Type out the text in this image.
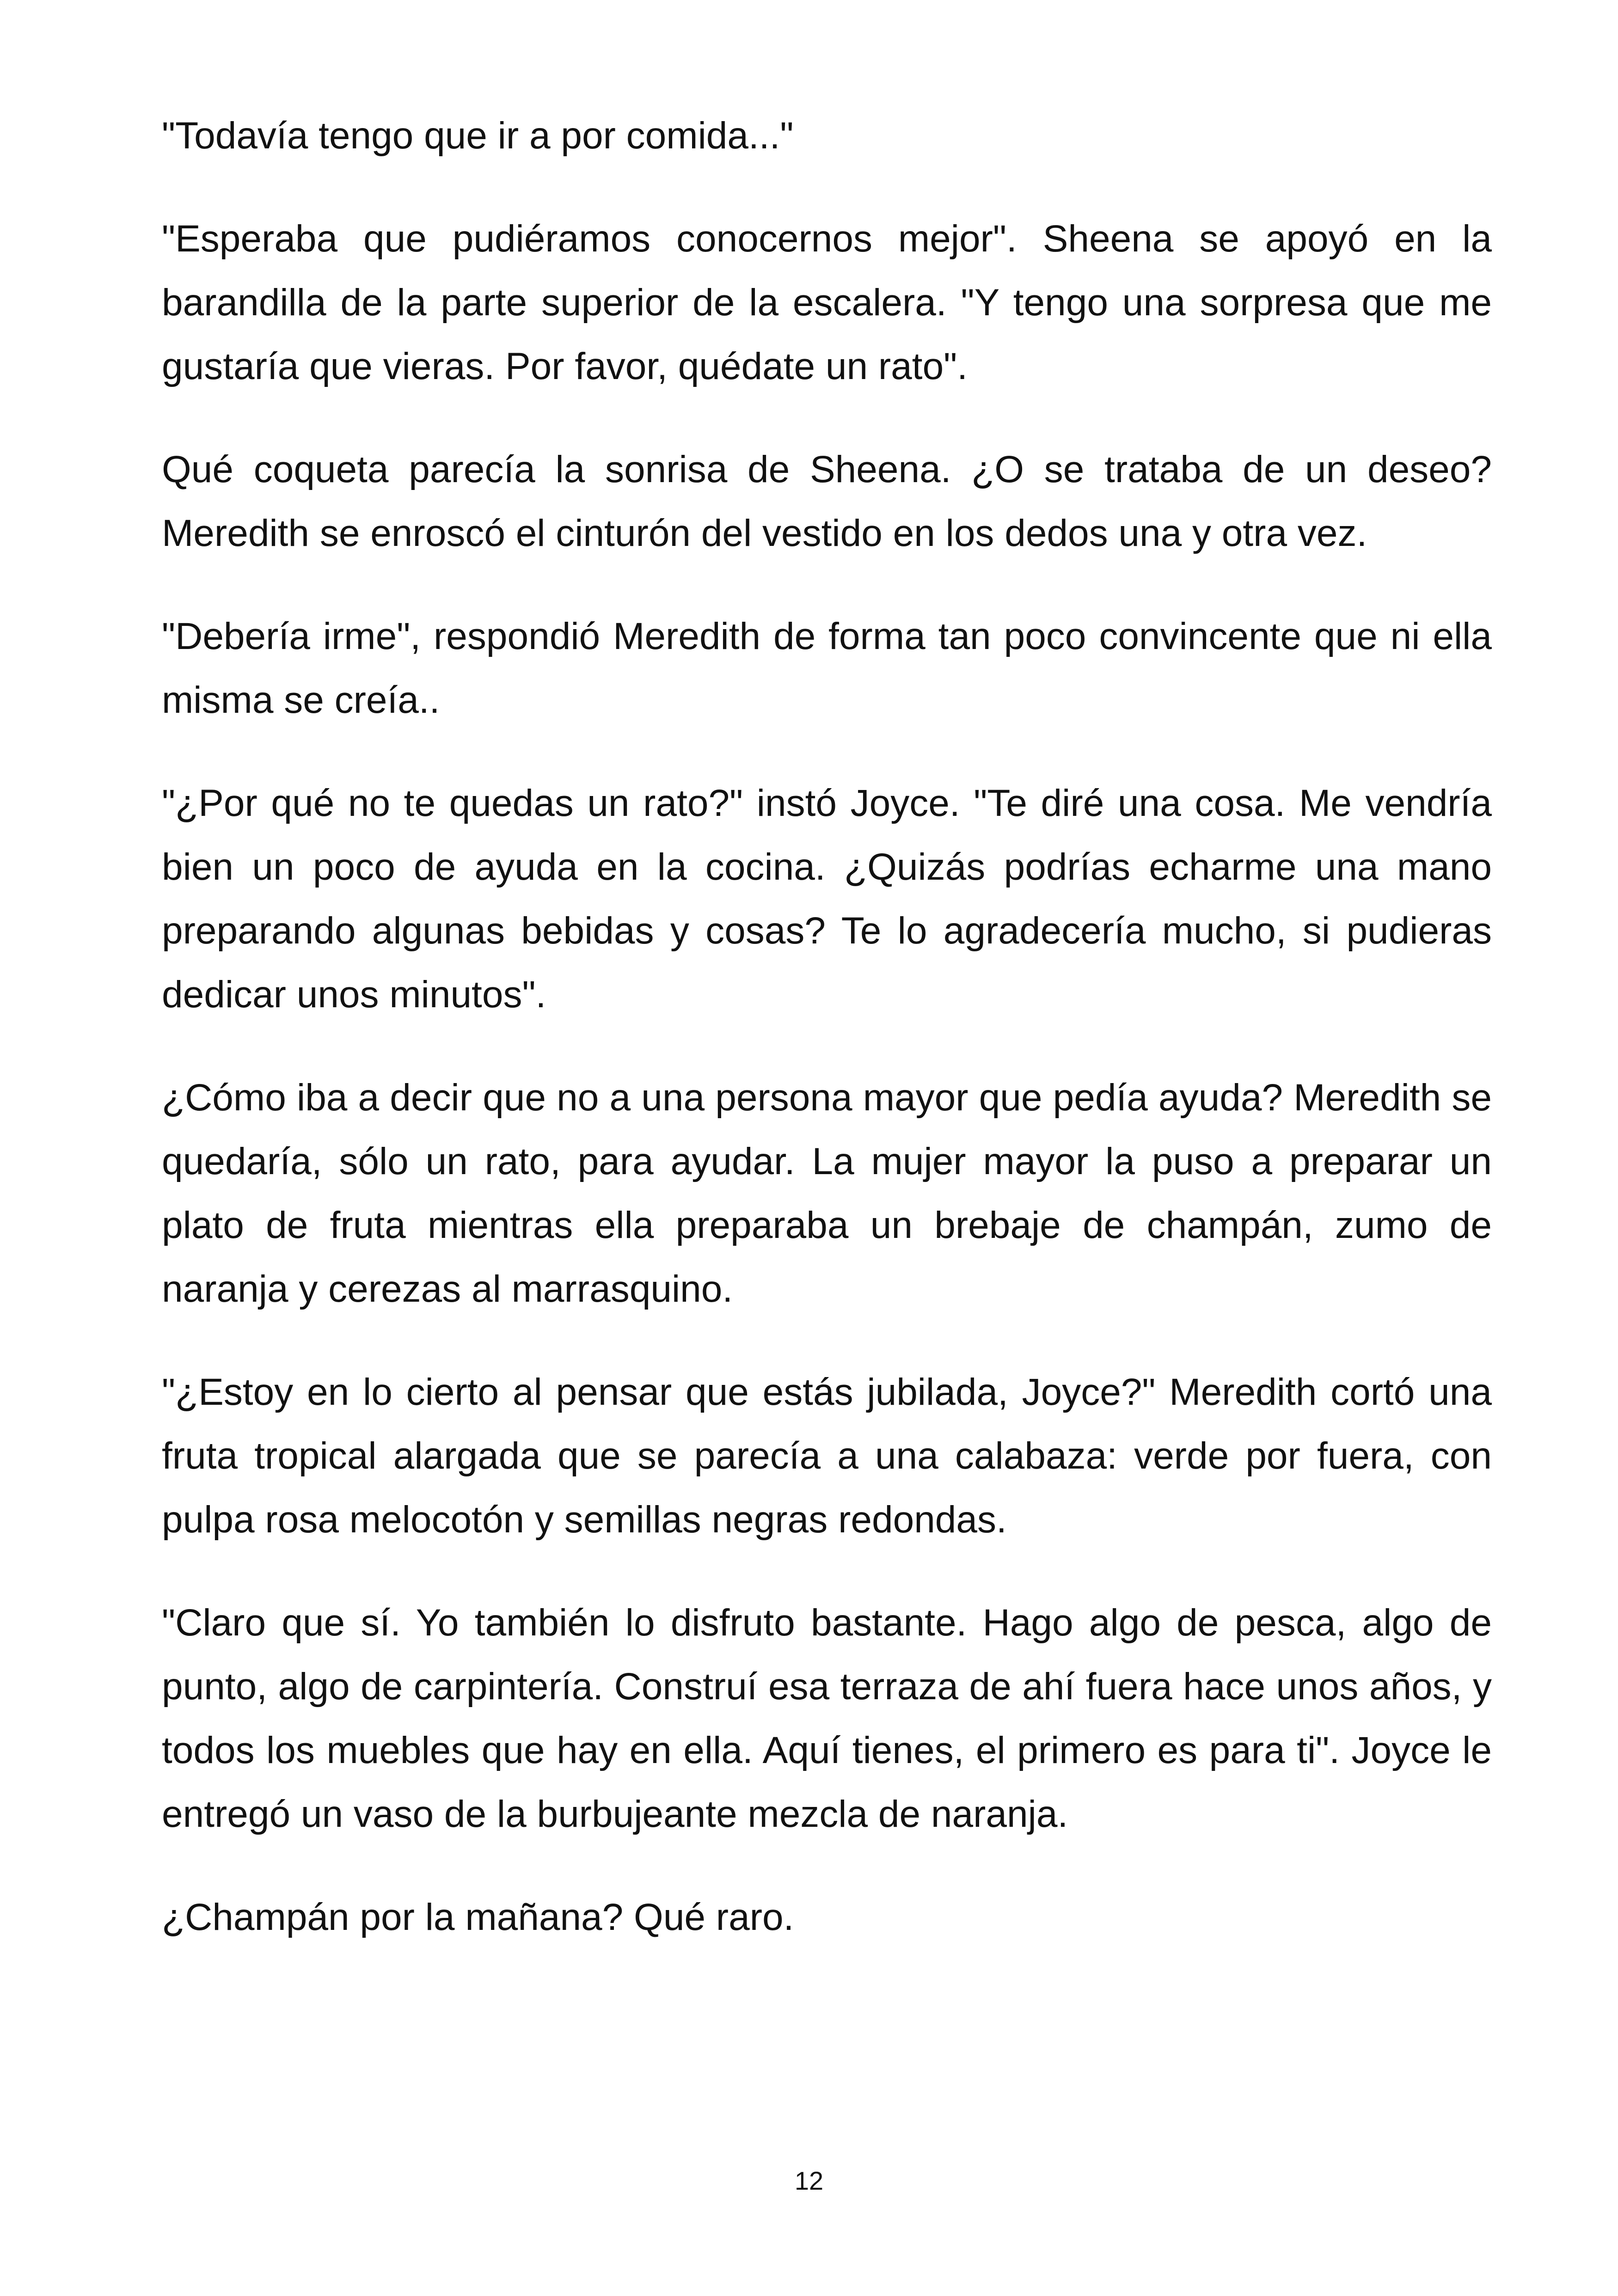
"Todavía tengo que ir a por comida..."

"Esperaba que pudiéramos conocernos mejor". Sheena se apoyó en la barandilla de la parte superior de la escalera. "Y tengo una sorpresa que me gustaría que vieras. Por favor, quédate un rato".

Qué coqueta parecía la sonrisa de Sheena. ¿O se trataba de un deseo? Meredith se enroscó el cinturón del vestido en los dedos una y otra vez.

"Debería irme", respondió Meredith de forma tan poco convincente que ni ella misma se creía..

"¿Por qué no te quedas un rato?" instó Joyce. "Te diré una cosa. Me vendría bien un poco de ayuda en la cocina. ¿Quizás podrías echarme una mano preparando algunas bebidas y cosas? Te lo agradecería mucho, si pudieras dedicar unos minutos".

¿Cómo iba a decir que no a una persona mayor que pedía ayuda? Meredith se quedaría, sólo un rato, para ayudar. La mujer mayor la puso a preparar un plato de fruta mientras ella preparaba un brebaje de champán, zumo de naranja y cerezas al marrasquino.

"¿Estoy en lo cierto al pensar que estás jubilada, Joyce?" Meredith cortó una fruta tropical alargada que se parecía a una calabaza: verde por fuera, con pulpa rosa melocotón y semillas negras redondas.

"Claro que sí. Yo también lo disfruto bastante. Hago algo de pesca, algo de punto, algo de carpintería. Construí esa terraza de ahí fuera hace unos años, y todos los muebles que hay en ella. Aquí tienes, el primero es para ti". Joyce le entregó un vaso de la burbujeante mezcla de naranja.

¿Champán por la mañana? Qué raro.

12
